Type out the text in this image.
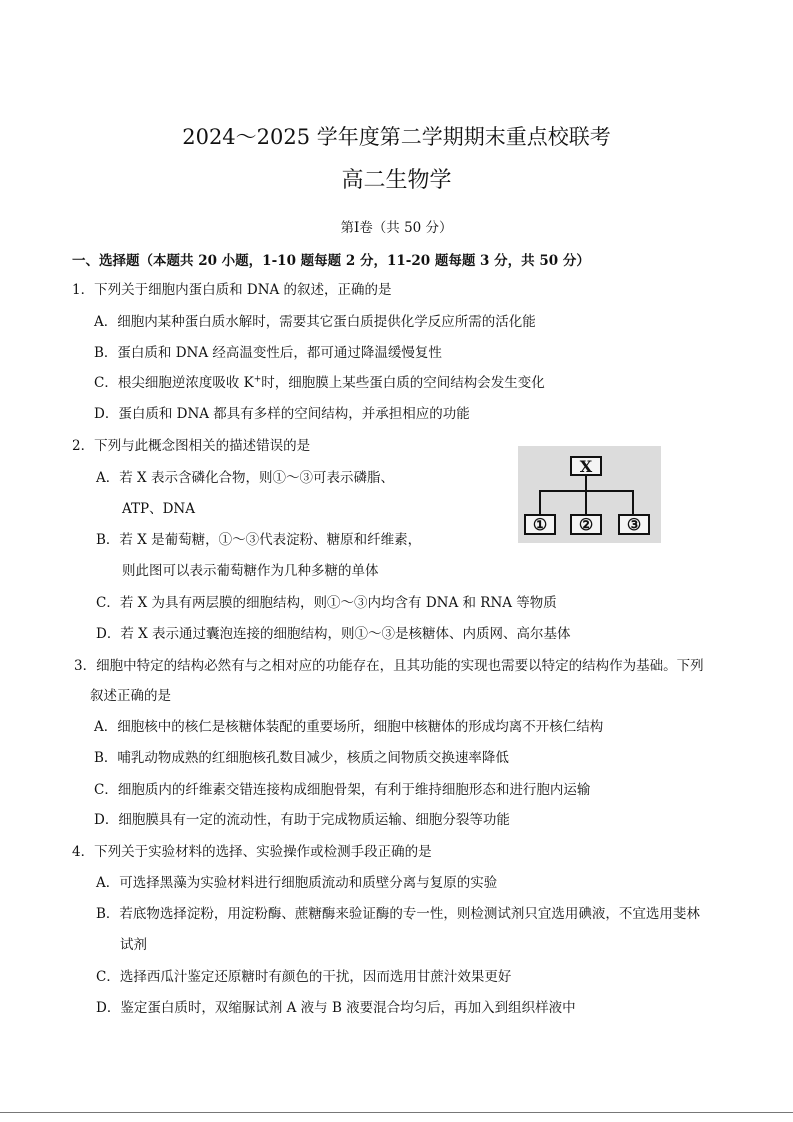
2024～2025 学年度第二学期期末重点校联考
高二生物学
第Ⅰ卷（共 50 分）
一、选择题（本题共 20 小题，1-10 题每题 2 分，11-20 题每题 3 分，共 50 分）
1．下列关于细胞内蛋白质和 DNA 的叙述，正确的是
A．细胞内某种蛋白质水解时，需要其它蛋白质提供化学反应所需的活化能
B．蛋白质和 DNA 经高温变性后，都可通过降温缓慢复性
C．根尖细胞逆浓度吸收 K+时，细胞膜上某些蛋白质的空间结构会发生变化
D．蛋白质和 DNA 都具有多样的空间结构，并承担相应的功能
2．下列与此概念图相关的描述错误的是
A．若 X 表示含磷化合物，则①～③可表示磷脂、
ATP、DNA
B．若 X 是葡萄糖，①～③代表淀粉、糖原和纤维素，
则此图可以表示葡萄糖作为几种多糖的单体
C．若 X 为具有两层膜的细胞结构，则①～③内均含有 DNA 和 RNA 等物质
D．若 X 表示通过囊泡连接的细胞结构，则①～③是核糖体、内质网、高尔基体
X
①	②	③
3．细胞中特定的结构必然有与之相对应的功能存在，且其功能的实现也需要以特定的结构作为基础。下列
叙述正确的是
A．细胞核中的核仁是核糖体装配的重要场所，细胞中核糖体的形成均离不开核仁结构
B．哺乳动物成熟的红细胞核孔数目减少，核质之间物质交换速率降低
C．细胞质内的纤维素交错连接构成细胞骨架，有利于维持细胞形态和进行胞内运输
D．细胞膜具有一定的流动性，有助于完成物质运输、细胞分裂等功能
4．下列关于实验材料的选择、实验操作或检测手段正确的是
A．可选择黑藻为实验材料进行细胞质流动和质壁分离与复原的实验
B．若底物选择淀粉，用淀粉酶、蔗糖酶来验证酶的专一性，则检测试剂只宜选用碘液，不宜选用斐林
试剂
C．选择西瓜汁鉴定还原糖时有颜色的干扰，因而选用甘蔗汁效果更好
D．鉴定蛋白质时，双缩脲试剂 A 液与 B 液要混合均匀后，再加入到组织样液中
